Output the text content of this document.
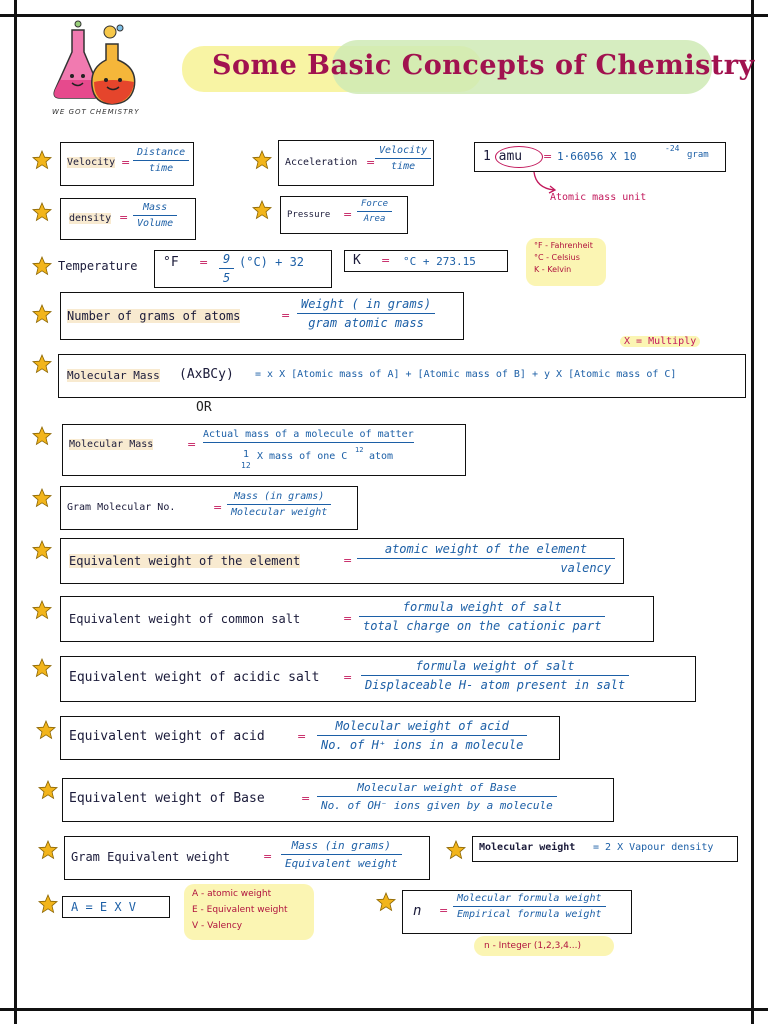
WE GOT CHEMISTRY
Some Basic Concepts of Chemistry
Velocity =
Distance
time
Acceleration =
Velocity
time
1 amu = 1·66056 X 10
-24
gram
Atomic mass unit
density =
Mass
Volume
Pressure =
Force
Area
Temperature $^\circ F = \frac{9}{5} (^\circ C) + 32$	K = °C + 273.15
°F - Fahrenheit
°C - Celsius
K - Kelvin
Number of grams of atoms	=
Weight ( in grams)
gram atomic mass
X = Multiply
Molecular Mass (AxBCy) = x X [Atomic mass of A] + [Atomic mass of B] + y X [Atomic mass of C]
OR
Molecular Mass	=
Actual mass of a molecule of matter
1
12
X mass of one C
12
atom
Gram Molecular No.	=
Mass (in grams)
Molecular weight
Equivalent weight of the element	=
atomic weight of the element
valency
Equivalent weight of common salt	=
formula weight of salt
total charge on the cationic part
Equivalent weight of acidic salt =
formula weight of salt
Displaceable H- atom present in salt
Equivalent weight of acid	=
Molecular weight of acid
No. of H⁺ ions in a molecule
Equivalent weight of Base	=
Molecular weight of Base
No. of OH⁻ ions given by a molecule
Gram Equivalent weight	=
Mass (in grams)
Equivalent weight
Molecular weight = 2 X Vapour density
A = E X V
A - atomic weight
E - Equivalent weight
V - Valency
n =
Molecular formula weight
Empirical formula weight
n - Integer (1,2,3,4...)
